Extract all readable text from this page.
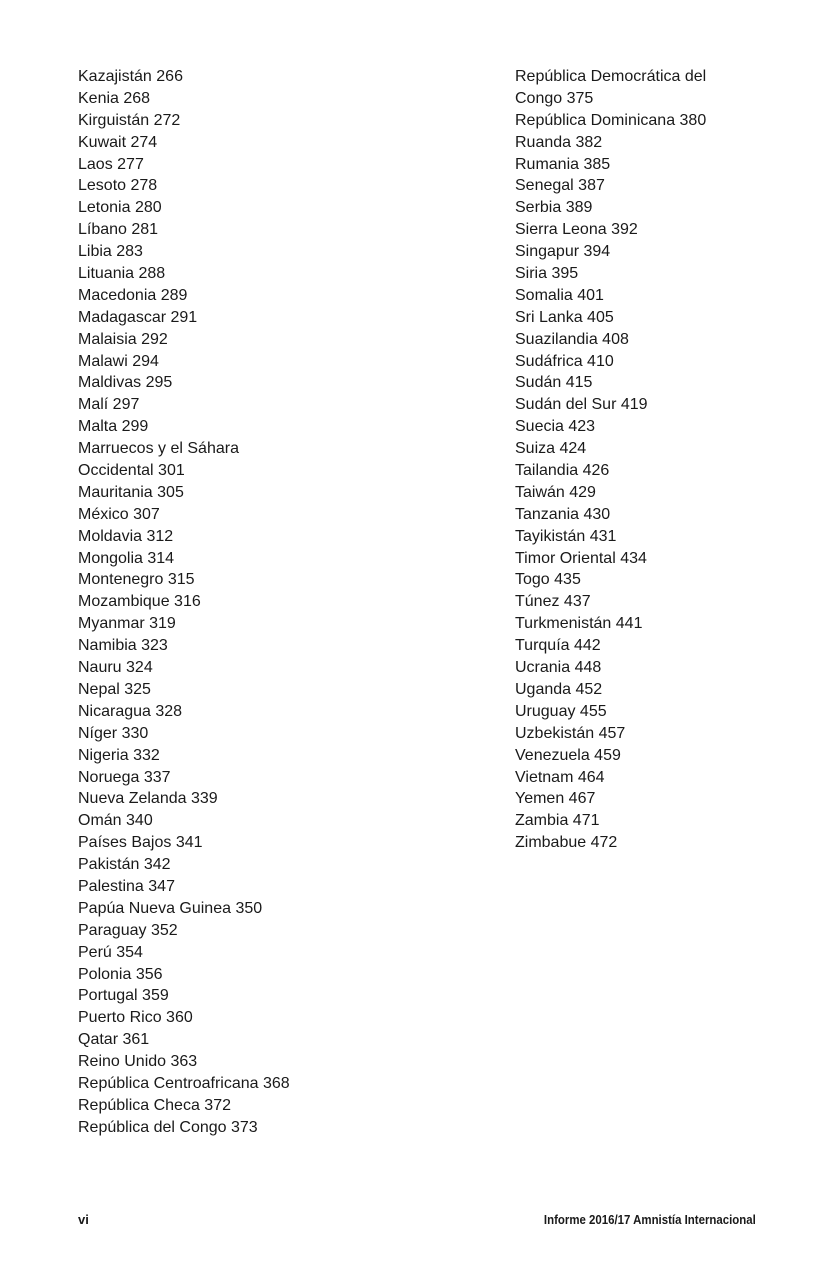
Kazajistán 266
Kenia 268
Kirguistán 272
Kuwait 274
Laos 277
Lesoto 278
Letonia 280
Líbano 281
Libia 283
Lituania 288
Macedonia 289
Madagascar 291
Malaisia 292
Malawi 294
Maldivas 295
Malí 297
Malta 299
Marruecos y el Sáhara
Occidental 301
Mauritania 305
México 307
Moldavia 312
Mongolia 314
Montenegro 315
Mozambique 316
Myanmar 319
Namibia 323
Nauru 324
Nepal 325
Nicaragua 328
Níger 330
Nigeria 332
Noruega 337
Nueva Zelanda 339
Omán 340
Países Bajos 341
Pakistán 342
Palestina 347
Papúa Nueva Guinea 350
Paraguay 352
Perú 354
Polonia 356
Portugal 359
Puerto Rico 360
Qatar 361
Reino Unido 363
República Centroafricana 368
República Checa 372
República del Congo 373
República Democrática del
Congo 375
República Dominicana 380
Ruanda 382
Rumania 385
Senegal 387
Serbia 389
Sierra Leona 392
Singapur 394
Siria 395
Somalia 401
Sri Lanka 405
Suazilandia 408
Sudáfrica 410
Sudán 415
Sudán del Sur 419
Suecia 423
Suiza 424
Tailandia 426
Taiwán 429
Tanzania 430
Tayikistán 431
Timor Oriental 434
Togo 435
Túnez 437
Turkmenistán 441
Turquía 442
Ucrania 448
Uganda 452
Uruguay 455
Uzbekistán 457
Venezuela 459
Vietnam 464
Yemen 467
Zambia 471
Zimbabue 472
vi	Informe 2016/17 Amnistía Internacional
